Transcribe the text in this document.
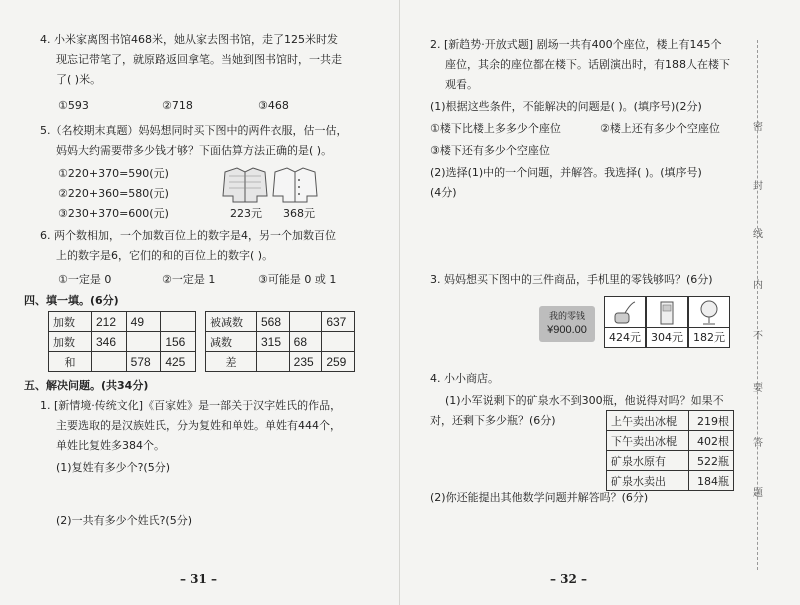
4. 小米家离图书馆468米，她从家去图书馆，走了125米时发
现忘记带笔了，就原路返回拿笔。当她到图书馆时，一共走
了( )米。
①593	②718	③468
5.（名校期末真题）妈妈想同时买下图中的两件衣服，估一估，
妈妈大约需要带多少钱才够？下面估算方法正确的是( )。
①220+370=590(元)
②220+360=580(元)
③230+370=600(元)	223元 368元
6. 两个数相加，一个加数百位上的数字是4，另一个加数百位
上的数字是6，它们的和的百位上的数字( )。
①一定是 0	②一定是 1	③可能是 0 或 1
四、填一填。(6分)
加数	212	49	
加数	346		156
和		578	425
被减数	568		637
减数	315	68	
差		235	259
五、解决问题。(共34分)
1. [新情境·传统文化]《百家姓》是一部关于汉字姓氏的作品，
主要选取的是汉族姓氏，分为复姓和单姓。单姓有444个，
单姓比复姓多384个。
(1)复姓有多少个?(5分)
(2)一共有多少个姓氏?(5分)
– 31 –
2. [新趋势·开放式题] 剧场一共有400个座位，楼上有145个
座位，其余的座位都在楼下。话剧演出时，有188人在楼下
观看。
(1)根据这些条件，不能解决的问题是( )。(填序号)(2分)
①楼下比楼上多多少个座位	②楼上还有多少个空座位
③楼下还有多少个空座位
(2)选择(1)中的一个问题，并解答。我选择( )。(填序号)
(4分)
3. 妈妈想买下图中的三件商品，手机里的零钱够吗？(6分)
我的零钱
¥900.00
424元 304元 182元
4. 小小商店。
(1)小军说剩下的矿泉水不到300瓶，他说得对吗？如果不
对，还剩下多少瓶？(6分)	上午卖出冰棍	219根
下午卖出冰棍	402根
矿泉水原有	522瓶
矿泉水卖出	184瓶
(2)你还能提出其他数学问题并解答吗？(6分)
– 32 –
密
封
线
内
不
要
答
题
